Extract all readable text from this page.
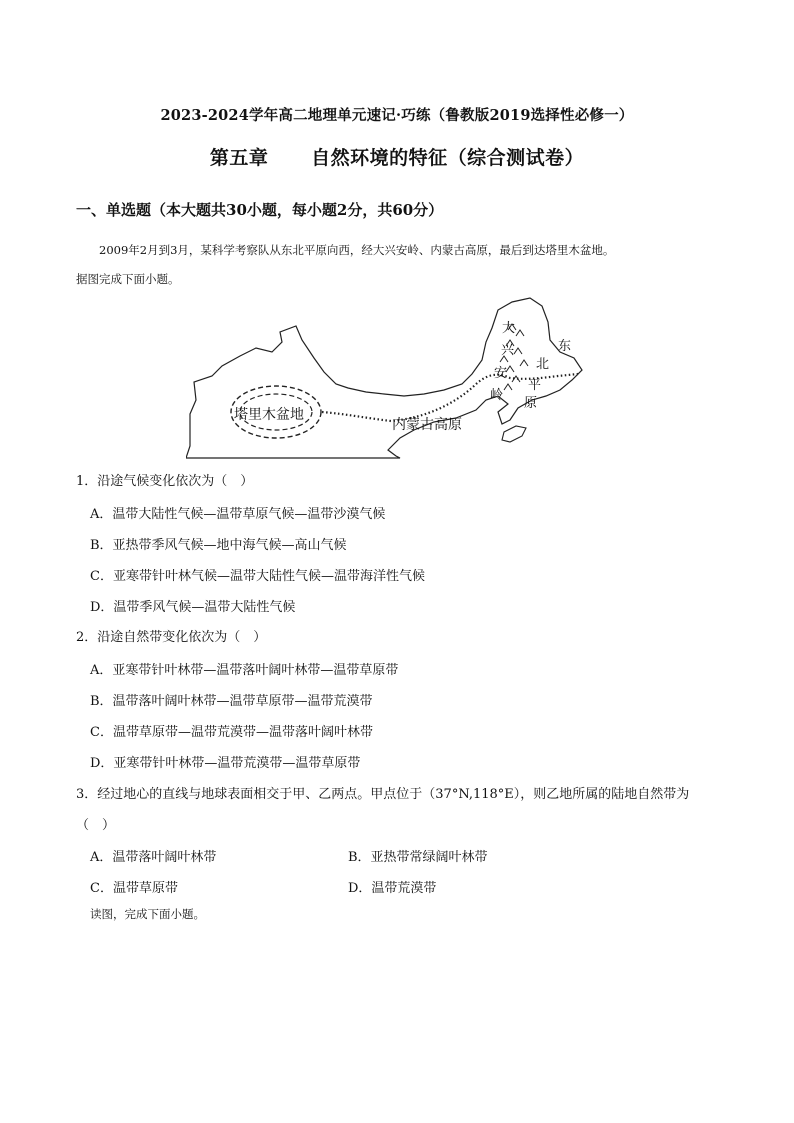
2023-2024学年高二地理单元速记·巧练（鲁教版2019选择性必修一）
第五章      自然环境的特征（综合测试卷）
一、单选题（本大题共30小题，每小题2分，共60分）

2009年2月到3月，某科学考察队从东北平原向西，经大兴安岭、内蒙古高原，最后到达塔里木盆地。

据图完成下面小题。

塔里木盆地
内蒙古高原
大
兴
安
岭
东
北
平
原
1．沿途气候变化依次为（　）
A．温带大陆性气候—温带草原气候—温带沙漠气候
B．亚热带季风气候—地中海气候—高山气候
C．亚寒带针叶林气候—温带大陆性气候—温带海洋性气候
D．温带季风气候—温带大陆性气候
2．沿途自然带变化依次为（　）
A．亚寒带针叶林带—温带落叶阔叶林带—温带草原带
B．温带落叶阔叶林带—温带草原带—温带荒漠带
C．温带草原带—温带荒漠带—温带落叶阔叶林带
D．亚寒带针叶林带—温带荒漠带—温带草原带
3．经过地心的直线与地球表面相交于甲、乙两点。甲点位于（37°N,118°E），则乙地所属的陆地自然带为
（　）
A．温带落叶阔叶林带	B．亚热带常绿阔叶林带
C．温带草原带	D．温带荒漠带
读图，完成下面小题。
